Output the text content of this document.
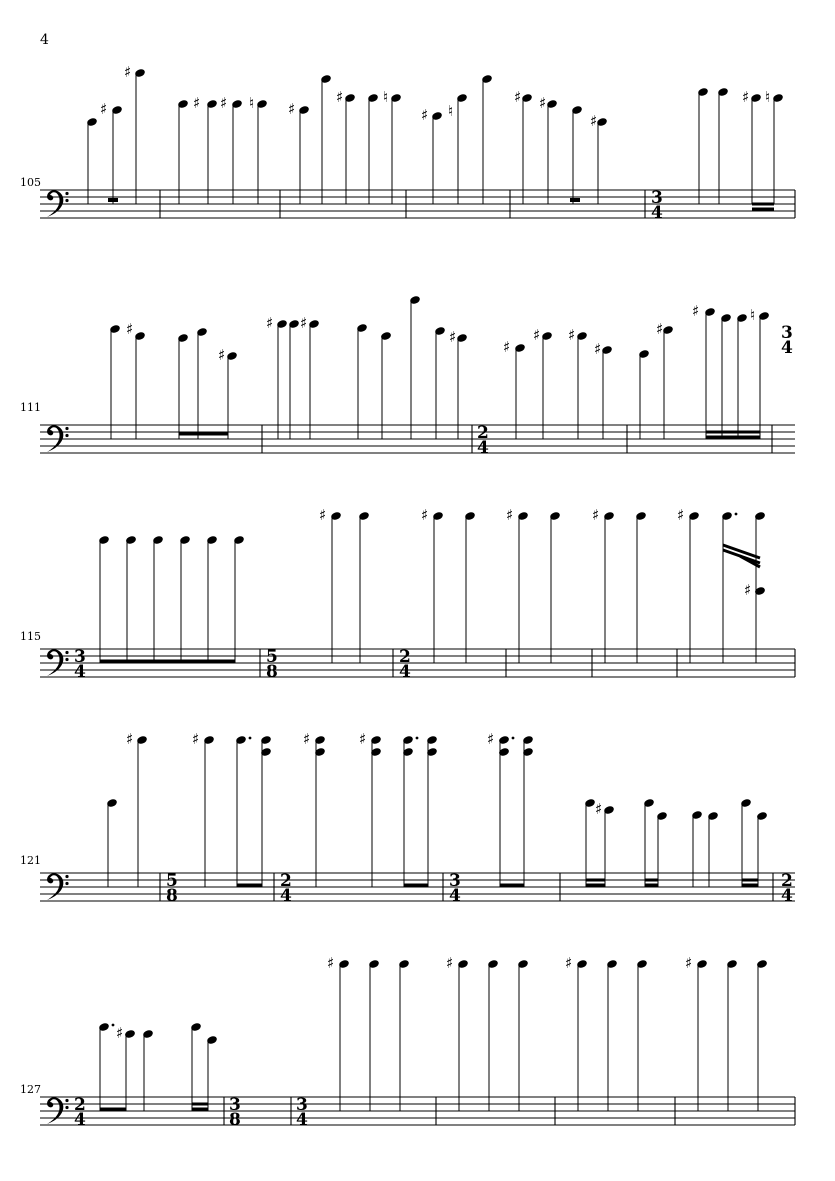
4
105
3
4
♯
♯
♯ ♯ ♮ ♯
♯	♮
♯ ♮
♯ ♯
♯
♯ ♮
111
2
4
3
4
♯
♯
♯ ♯
♯
♯
♯ ♯
♯
♯
♯	♮
115
3
4
5
8
2
4
♯	♯	♯	♯	♯
♯
121
5
8
2
4
3
4
2
4
♯	♯	♯	♯	♯
♯
127
2
4
3
8
3
4
♯
♯	♯	♯	♯
